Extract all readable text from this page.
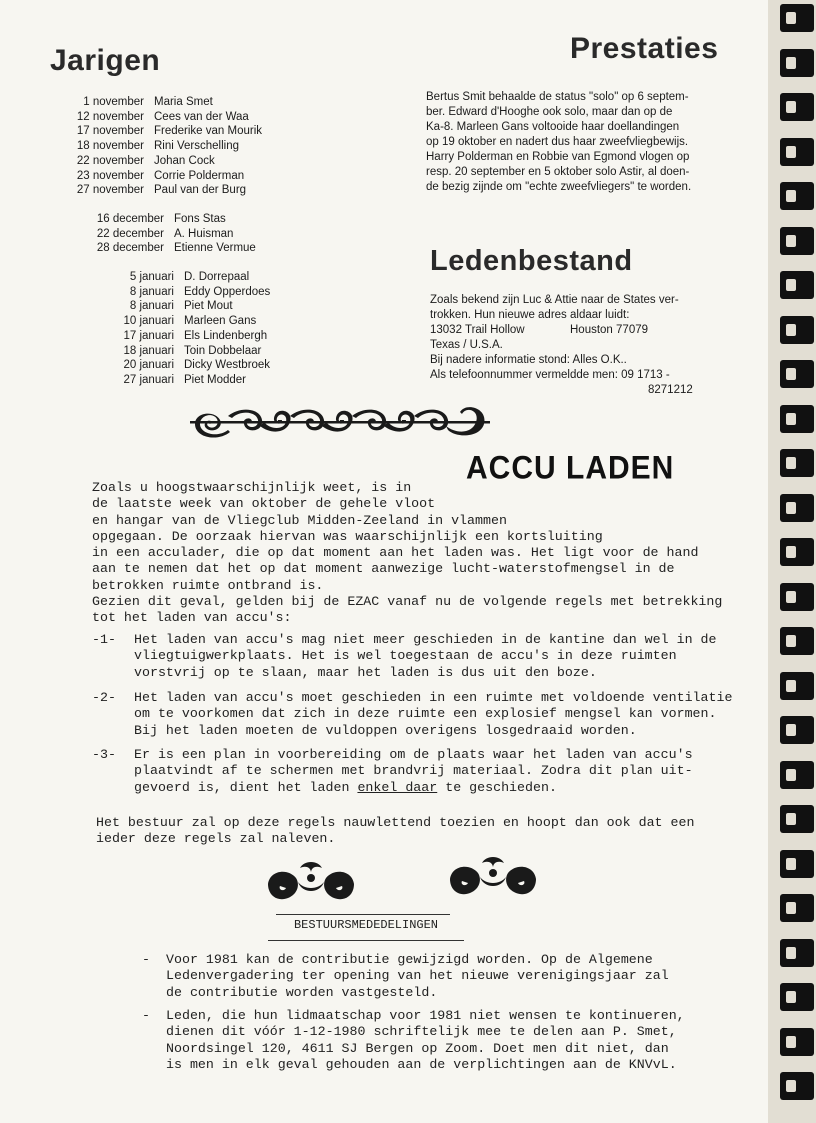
Jarigen
1 november Maria Smet
12 november Cees van der Waa
17 november Frederike van Mourik
18 november Rini Verschelling
22 november Johan Cock
23 november Corrie Polderman
27 november Paul van der Burg
16 december Fons Stas
22 december A. Huisman
28 december Etienne Vermue
5 januari D. Dorrepaal
8 januari Eddy Opperdoes
8 januari Piet Mout
10 januari Marleen Gans
17 januari Els Lindenbergh
18 januari Toin Dobbelaar
20 januari Dicky Westbroek
27 januari Piet Modder
Prestaties
Bertus Smit behaalde de status "solo" op 6 septem-
ber. Edward d'Hooghe ook solo, maar dan op de
Ka-8. Marleen Gans voltooide haar doellandingen
op 19 oktober en nadert dus haar zweefvliegbewijs.
Harry Polderman en Robbie van Egmond vlogen op
resp. 20 september en 5 oktober solo Astir, al doen-
de bezig zijnde om "echte zweefvliegers" te worden.
Ledenbestand
Zoals bekend zijn Luc & Attie naar de States ver-
trokken. Hun nieuwe adres aldaar luidt:
13032 Trail Hollow	Houston 77079
Texas / U.S.A.
Bij nadere informatie stond: Alles O.K..
Als telefoonnummer vermeldde men: 09 1713 -
8271212
ACCU LADEN
Zoals u hoogstwaarschijnlijk weet, is in
de laatste week van oktober de gehele vloot
en hangar van de Vliegclub Midden-Zeeland in vlammen
opgegaan. De oorzaak hiervan was waarschijnlijk een kortsluiting
in een acculader, die op dat moment aan het laden was. Het ligt voor de hand
aan te nemen dat het op dat moment aanwezige lucht-waterstofmengsel in de
betrokken ruimte ontbrand is.
Gezien dit geval, gelden bij de EZAC vanaf nu de volgende regels met betrekking
tot het laden van accu's:
-1- Het laden van accu's mag niet meer geschieden in de kantine dan wel in de
vliegtuigwerkplaats. Het is wel toegestaan de accu's in deze ruimten
vorstvrij op te slaan, maar het laden is dus uit den boze.
-2- Het laden van accu's moet geschieden in een ruimte met voldoende ventilatie
om te voorkomen dat zich in deze ruimte een explosief mengsel kan vormen.
Bij het laden moeten de vuldoppen overigens losgedraaid worden.
-3- Er is een plan in voorbereiding om de plaats waar het laden van accu's
plaatvindt af te schermen met brandvrij materiaal. Zodra dit plan uit-
gevoerd is, dient het laden enkel daar te geschieden.
Het bestuur zal op deze regels nauwlettend toezien en hoopt dan ook dat een
ieder deze regels zal naleven.
BESTUURSMEDEDELINGEN
- Voor 1981 kan de contributie gewijzigd worden. Op de Algemene
Ledenvergadering ter opening van het nieuwe verenigingsjaar zal
de contributie worden vastgesteld.
- Leden, die hun lidmaatschap voor 1981 niet wensen te kontinueren,
dienen dit vóór 1-12-1980 schriftelijk mee te delen aan P. Smet,
Noordsingel 120, 4611 SJ Bergen op Zoom. Doet men dit niet, dan
is men in elk geval gehouden aan de verplichtingen aan de KNVvL.
